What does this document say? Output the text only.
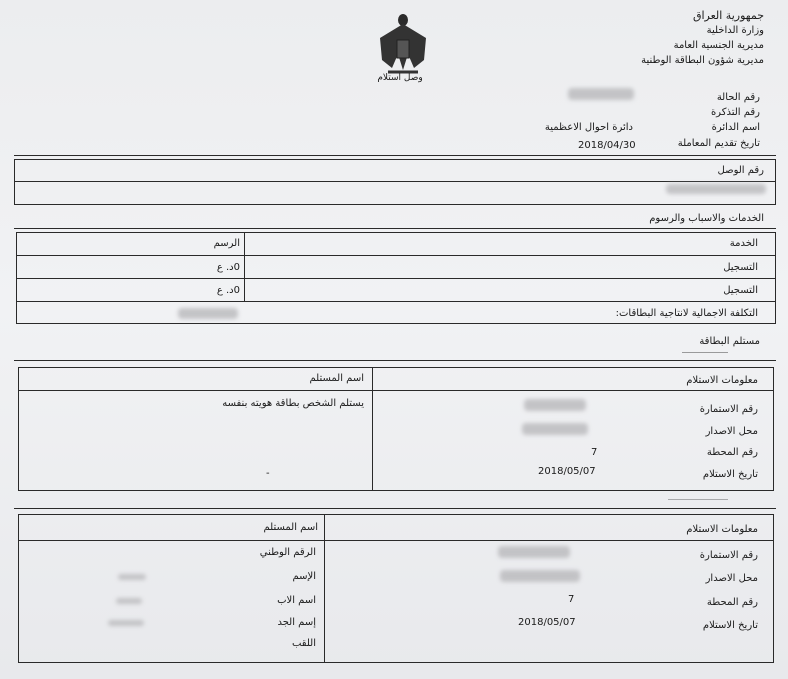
جمهورية العراق
وزارة الداخلية
مديرية الجنسية العامة
مديرية شؤون البطاقة الوطنية
وصل استلام
رقم الحالة
رقم التذكرة
اسم الدائرة
دائرة احوال الاعظمية
تاريخ تقديم المعاملة
2018/04/30
رقم الوصل
الخدمات والاسباب والرسوم
الخدمة
الرسم
التسجيل
0د. ع
التسجيل
0د. ع
التكلفة الاجمالية لانتاجية البطاقات:
مستلم البطاقة
معلومات الاستلام
اسم المستلم
يستلم الشخص بطاقة هويته بنفسه
-
رقم الاستمارة
محل الاصدار
رقم المحطة
7
تاريخ الاستلام
2018/05/07
معلومات الاستلام
اسم المستلم
الرقم الوطني
الإسم
اسم الاب
إسم الجد
اللقب
رقم الاستمارة
محل الاصدار
رقم المحطة
7
تاريخ الاستلام
2018/05/07
